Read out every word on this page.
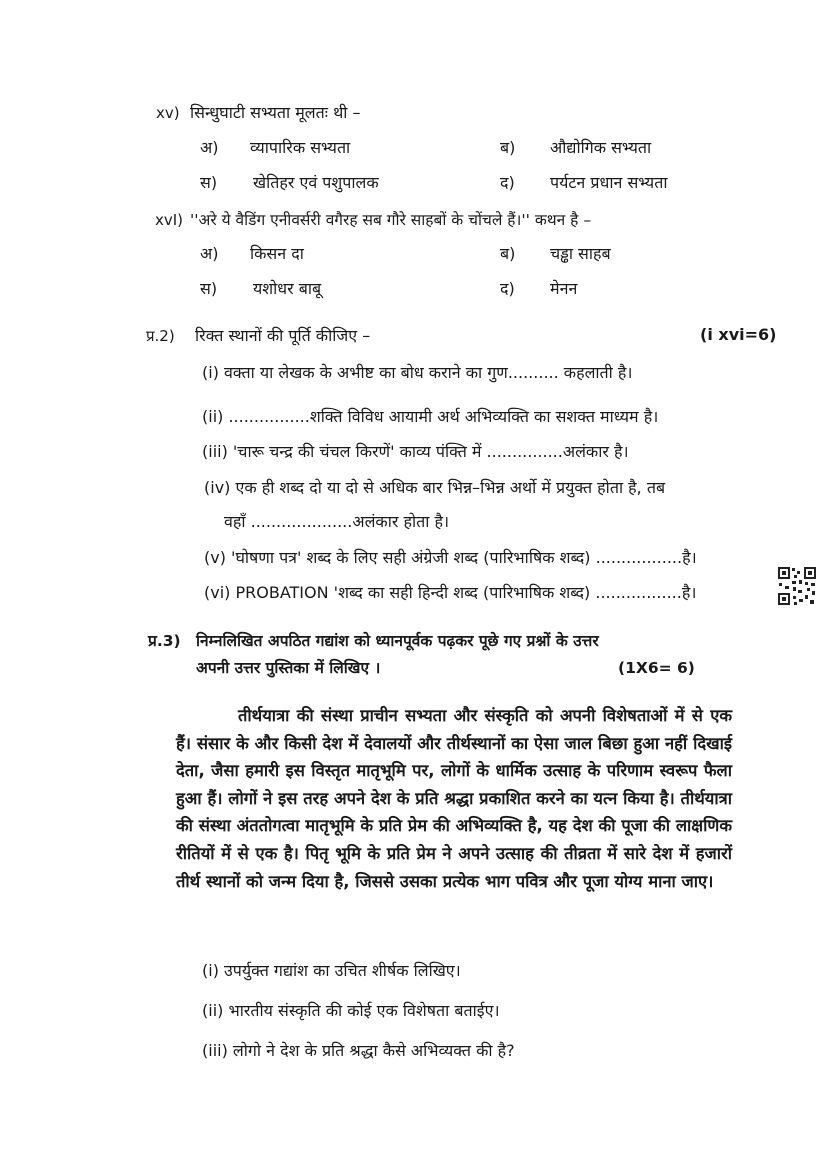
xv) सिन्धुघाटी सभ्यता मूलतः थी –
अ) व्यापारिक सभ्यता	ब) औद्योगिक सभ्यता
स) खेतिहर एवं पशुपालक	द) पर्यटन प्रधान सभ्यता
xvI) ''अरे ये वैडिंग एनीवर्सरी वगैरह सब गौरे साहबों के चोंचले हैं।'' कथन है –
अ) किसन दा	ब) चड्ढा साहब
स) यशोधर बाबू	द) मेनन
प्र.2) रिक्त स्थानों की पूर्ति कीजिए –	(i xvi=6)
(i) वक्ता या लेखक के अभीष्ट का बोध कराने का गुण.......... कहलाती है।
(ii) ................शक्ति विविध आयामी अर्थ अभिव्यक्ति का सशक्त माध्यम है।
(iii) 'चारू चन्द्र की चंचल किरणें' काव्य पंक्ति में ...............अलंकार है।
(iv) एक ही शब्द दो या दो से अधिक बार भिन्न–भिन्न अर्थो में प्रयुक्त होता है, तब
वहाँ ....................अलंकार होता है।
(v) 'घोषणा पत्र' शब्द के लिए सही अंग्रेजी शब्द (पारिभाषिक शब्द) .................है।
(vi) PROBATION 'शब्द का सही हिन्दी शब्द (पारिभाषिक शब्द) .................है।
प्र.3) निम्नलिखित अपठित गद्यांश को ध्यानपूर्वक पढ़कर पूछे गए प्रश्नों के उत्तर
अपनी उत्तर पुस्तिका में लिखिए ।	(1X6= 6)

तीर्थयात्रा की संस्था प्राचीन सभ्यता और संस्कृति को अपनी विशेषताओं में से एक हैं। संसार के और किसी देश में देवालयों और तीर्थस्थानों का ऐसा जाल बिछा हुआ नहीं दिखाई देता, जैसा हमारी इस विस्तृत मातृभूमि पर, लोगों के धार्मिक उत्साह के परिणाम स्वरूप फैला हुआ हैं। लोगों ने इस तरह अपने देश के प्रति श्रद्धा प्रकाशित करने का यत्न किया है। तीर्थयात्रा की संस्था अंततोगत्वा मातृभूमि के प्रति प्रेम की अभिव्यक्ति है, यह देश की पूजा की लाक्षणिक रीतियों में से एक है। पितृ भूमि के प्रति प्रेम ने अपने उत्साह की तीव्रता में सारे देश में हजारों तीर्थ स्थानों को जन्म दिया है, जिससे उसका प्रत्येक भाग पवित्र और पूजा योग्य माना जाए।

(i) उपर्युक्त गद्यांश का उचित शीर्षक लिखिए।
(ii) भारतीय संस्कृति की कोई एक विशेषता बताईए।
(iii) लोगो ने देश के प्रति श्रद्धा कैसे अभिव्यक्त की है?
